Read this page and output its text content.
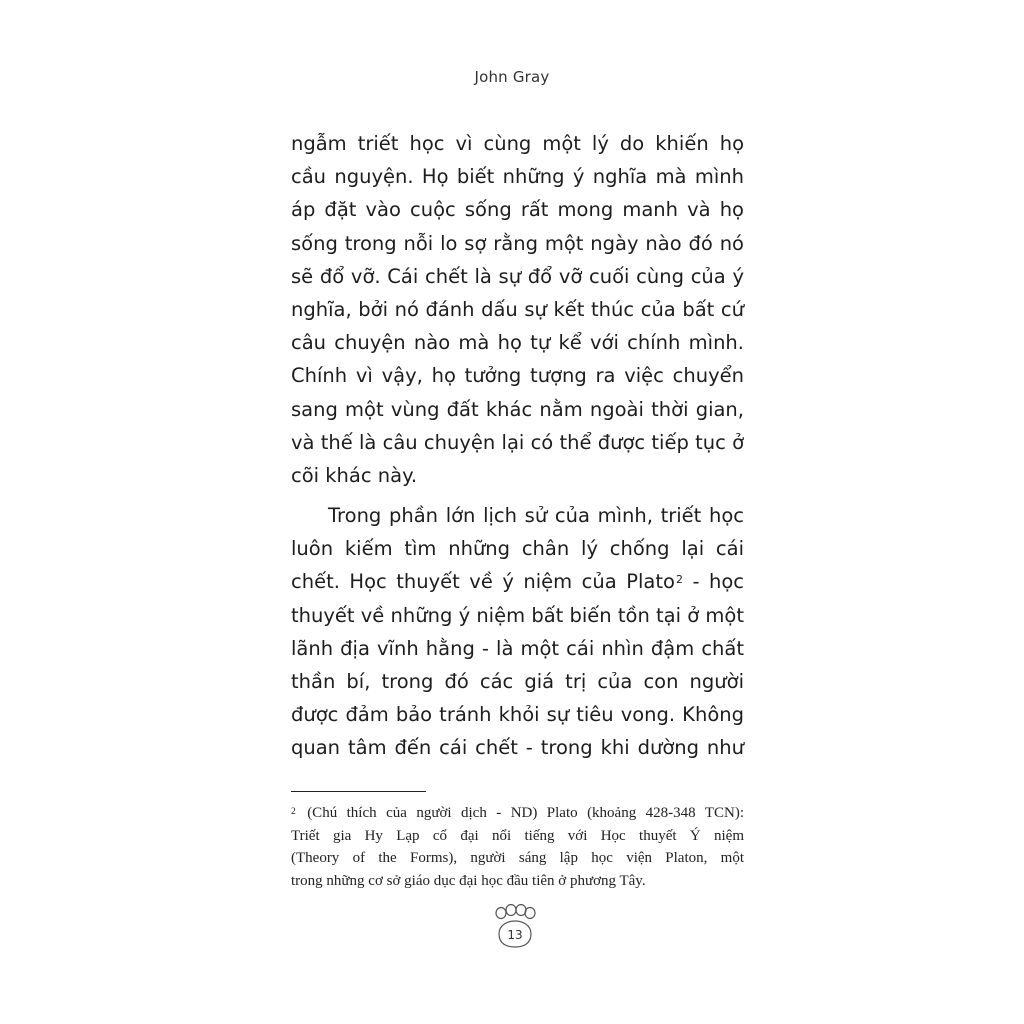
John Gray
ngẫm triết học vì cùng một lý do khiến họ
cầu nguyện. Họ biết những ý nghĩa mà mình
áp đặt vào cuộc sống rất mong manh và họ
sống trong nỗi lo sợ rằng một ngày nào đó nó
sẽ đổ vỡ. Cái chết là sự đổ vỡ cuối cùng của ý
nghĩa, bởi nó đánh dấu sự kết thúc của bất cứ
câu chuyện nào mà họ tự kể với chính mình.
Chính vì vậy, họ tưởng tượng ra việc chuyển
sang một vùng đất khác nằm ngoài thời gian,
và thế là câu chuyện lại có thể được tiếp tục ở
cõi khác này.
Trong phần lớn lịch sử của mình, triết học
luôn kiếm tìm những chân lý chống lại cái
chết. Học thuyết về ý niệm của Plato$^2$ - học
thuyết về những ý niệm bất biến tồn tại ở một
lãnh địa vĩnh hằng - là một cái nhìn đậm chất
thần bí, trong đó các giá trị của con người
được đảm bảo tránh khỏi sự tiêu vong. Không
quan tâm đến cái chết - trong khi dường như
$^2$ (Chú thích của người dịch - ND) Plato (khoảng 428-348 TCN):
Triết gia Hy Lạp cổ đại nổi tiếng với Học thuyết Ý niệm
(Theory of the Forms), người sáng lập học viện Platon, một
trong những cơ sở giáo dục đại học đầu tiên ở phương Tây.
13
